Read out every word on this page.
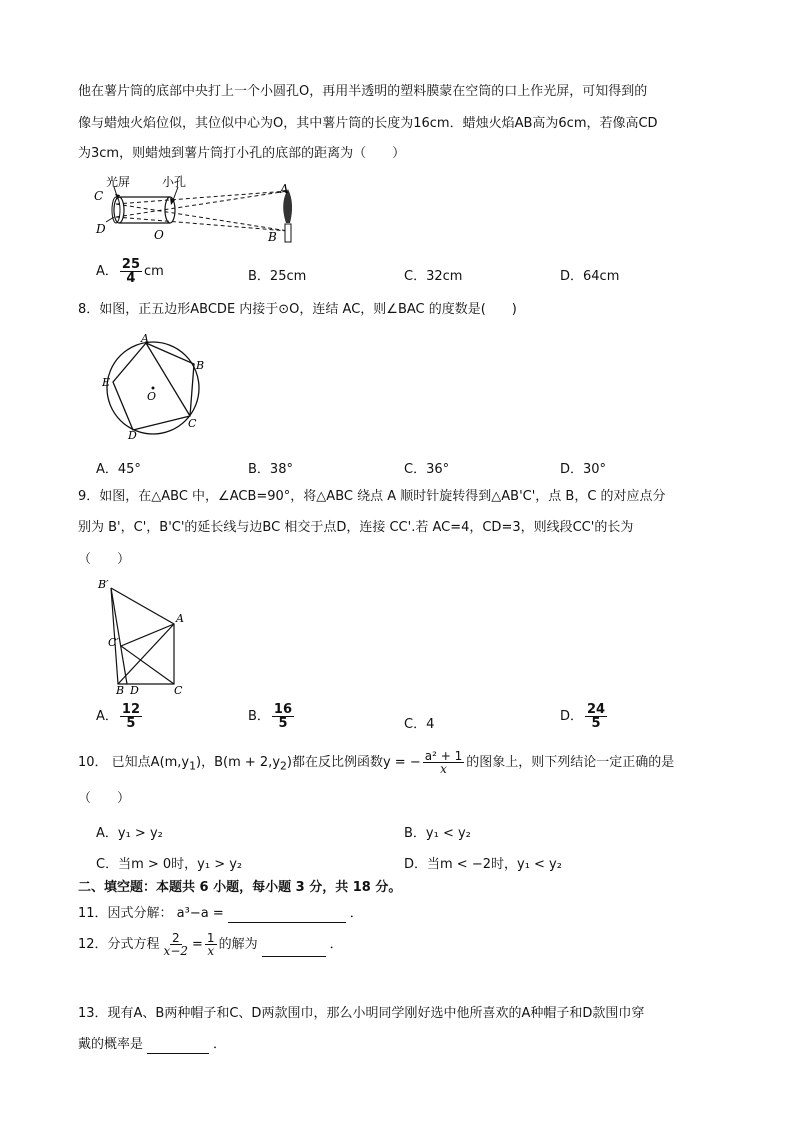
他在薯片筒的底部中央打上一个小圆孔O，再用半透明的塑料膜蒙在空筒的口上作光屏，可知得到的
像与蜡烛火焰位似，其位似中心为O，其中薯片筒的长度为16cm．蜡烛火焰AB高为6cm，若像高CD
为3cm，则蜡烛到薯片筒打小孔的底部的距离为（　　）
光屏	小孔
C
D	O
A
B
A． $\frac{25}{4}$ cm	B．25cm	C．32cm	D．64cm
8．如图，正五边形ABCDE 内接于⊙O，连结 AC，则∠BAC 的度数是(　　)
A
B
C
D
E
O
A．45°	B．38°	C．36°	D．30°
9．如图，在△ABC 中，∠ACB=90°，将△ABC 绕点 A 顺时针旋转得到△AB'C'，点 B，C 的对应点分
别为 B'，C'，B'C'的延长线与边BC 相交于点D，连接 CC'.若 AC=4，CD=3，则线段CC'的长为
（　　）
B′
A
C′
B D	C
A． $\frac{12}{5}$	B． $\frac{16}{5}$	C．4
D． $\frac{24}{5}$
10． 已知点$A(m,y_1)$，$B(m + 2,y_2)$都在反比例函数y = − $\frac{\text{a² + 1}}{x}$ 的图象上，则下列结论一定正确的是
（　　）
A．y₁ > y₂	B．y₁ < y₂
C．当m > 0时，y₁ > y₂	D．当m < −2时，y₁ < y₂
二、填空题：本题共 6 小题，每小题 3 分，共 18 分。
11．因式分解： a³−a =	．
12．分式方程 $\frac{2}{x-2} = \frac{1}{x}$ 的解为	．
13．现有A、B两种帽子和C、D两款围巾，那么小明同学刚好选中他所喜欢的A种帽子和D款围巾穿
戴的概率是	．
